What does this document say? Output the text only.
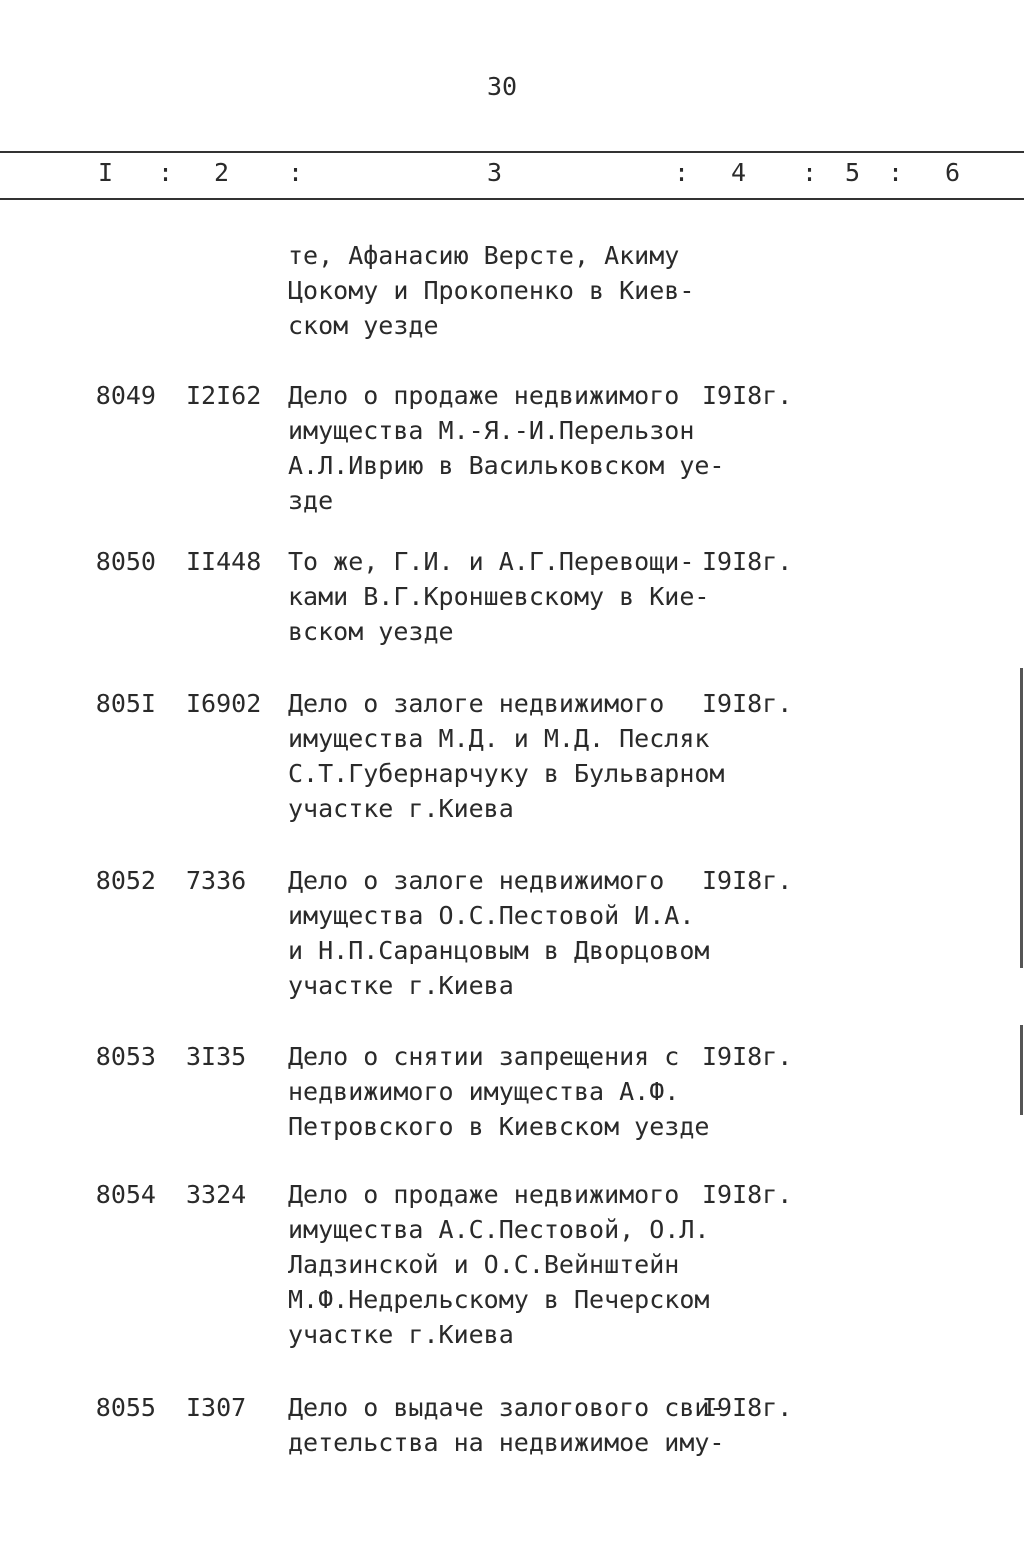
30
I : 2 :	3	: 4 : 5 : 6
те, Афанасию Версте, Акиму
Цокому и Прокопенко в Киев-
ском уезде
8049 I2I62 Дело о продаже недвижимого
имущества М.-Я.-И.Перельзон
А.Л.Иврию в Васильковском уе-
зде
I9I8г.
8050 II448 То же, Г.И. и А.Г.Перевощи-
ками В.Г.Кроншевскому в Кие-
вском уезде
I9I8г.
805I I6902 Дело о залоге недвижимого
имущества М.Д. и М.Д. Песляк
С.Т.Губернарчуку в Бульварном
участке г.Киева
I9I8г.
8052 7336 Дело о залоге недвижимого
имущества О.С.Пестовой И.А.
и Н.П.Саранцовым в Дворцовом
участке г.Киева
I9I8г.
8053 3I35 Дело о снятии запрещения с
недвижимого имущества А.Ф.
Петровского в Киевском уезде
I9I8г.
8054 3324 Дело о продаже недвижимого
имущества А.С.Пестовой, О.Л.
Ладзинской и О.С.Вейнштейн
М.Ф.Недрельскому в Печерском
участке г.Киева
I9I8г.
8055 I307 Дело о выдаче залогового сви-
детельства на недвижимое иму-
I9I8г.
